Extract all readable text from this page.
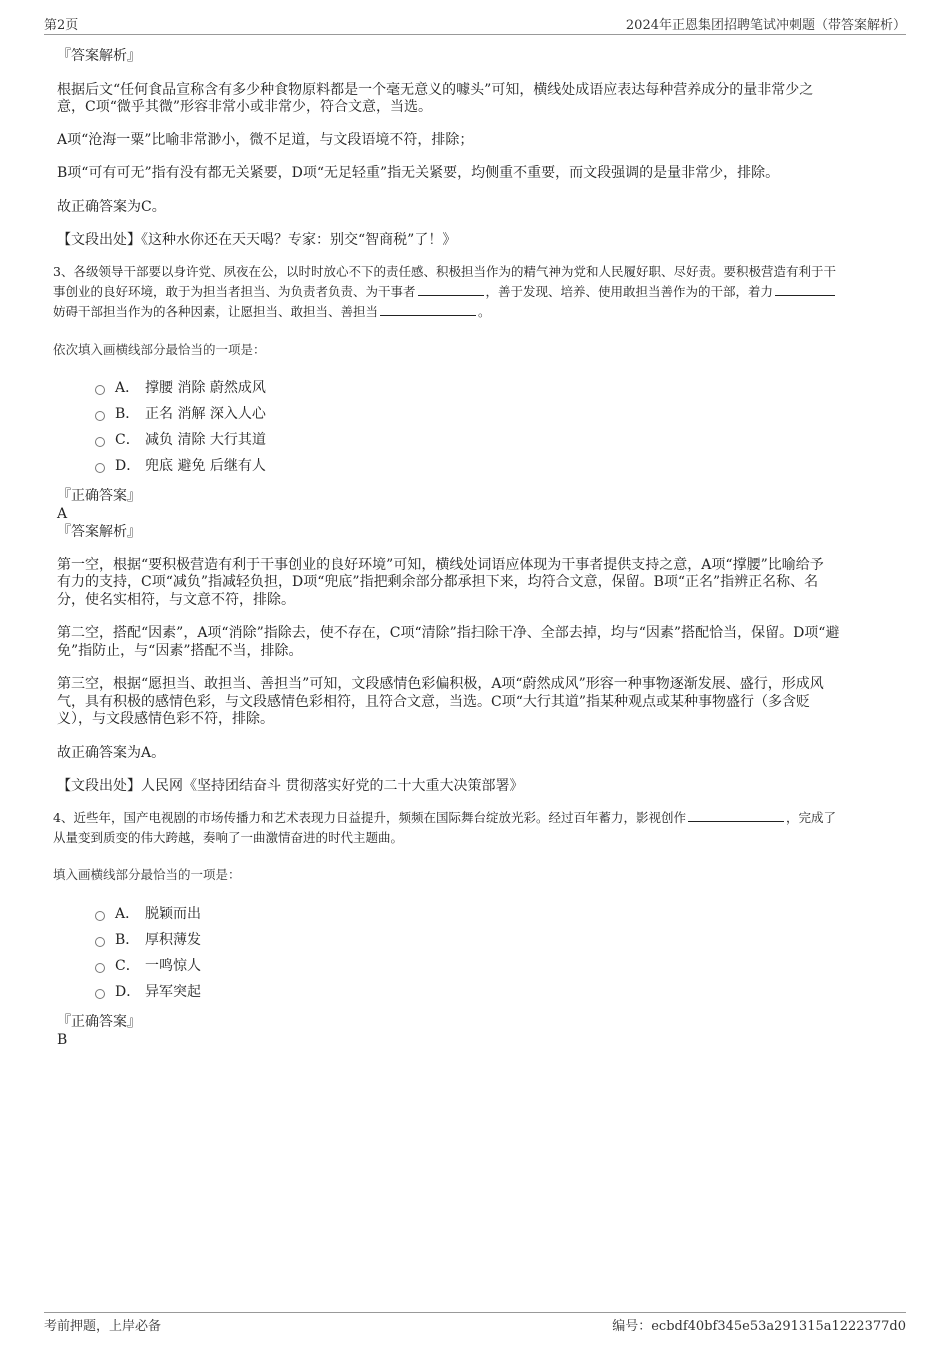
第2页	2024年正恩集团招聘笔试冲刺题（带答案解析）

『答案解析』

根据后文“任何食品宣称含有多少种食物原料都是一个毫无意义的噱头”可知，横线处成语应表达每种营养成分的量非常少之

意，C项“微乎其微”形容非常小或非常少，符合文意，当选。

A项“沧海一粟”比喻非常渺小，微不足道，与文段语境不符，排除；

B项“可有可无”指有没有都无关紧要，D项“无足轻重”指无关紧要，均侧重不重要，而文段强调的是量非常少，排除。

故正确答案为C。

【文段出处】《这种水你还在天天喝？专家：别交“智商税”了！》

3、各级领导干部要以身许党、夙夜在公，以时时放心不下的责任感、积极担当作为的精气神为党和人民履好职、尽好责。要积极营造有利于干

事创业的良好环境，敢于为担当者担当、为负责者负责、为干事者	，善于发现、培养、使用敢担当善作为的干部，着力

妨碍干部担当作为的各种因素，让愿担当、敢担当、善担当	。

依次填入画横线部分最恰当的一项是：

A． 撑腰 消除 蔚然成风
B． 正名 消解 深入人心
C． 减负 清除 大行其道
D． 兜底 避免 后继有人

『正确答案』

A

『答案解析』

第一空，根据“要积极营造有利于干事创业的良好环境”可知，横线处词语应体现为干事者提供支持之意，A项“撑腰”比喻给予

有力的支持，C项“减负”指减轻负担，D项“兜底”指把剩余部分都承担下来，均符合文意，保留。B项“正名”指辨正名称、名

分，使名实相符，与文意不符，排除。

第二空，搭配“因素”，A项“消除”指除去，使不存在，C项“清除”指扫除干净、全部去掉，均与“因素”搭配恰当，保留。D项“避

免”指防止，与“因素”搭配不当，排除。

第三空，根据“愿担当、敢担当、善担当”可知，文段感情色彩偏积极，A项“蔚然成风”形容一种事物逐渐发展、盛行，形成风

气，具有积极的感情色彩，与文段感情色彩相符，且符合文意，当选。C项“大行其道”指某种观点或某种事物盛行（多含贬

义），与文段感情色彩不符，排除。

故正确答案为A。

【文段出处】人民网《坚持团结奋斗 贯彻落实好党的二十大重大决策部署》

4、近些年，国产电视剧的市场传播力和艺术表现力日益提升，频频在国际舞台绽放光彩。经过百年蓄力，影视创作	，完成了

从量变到质变的伟大跨越，奏响了一曲激情奋进的时代主题曲。

填入画横线部分最恰当的一项是：

A． 脱颖而出
B． 厚积薄发
C． 一鸣惊人
D． 异军突起

『正确答案』

B

考前押题，上岸必备	编号：ecbdf40bf345e53a291315a1222377d0
